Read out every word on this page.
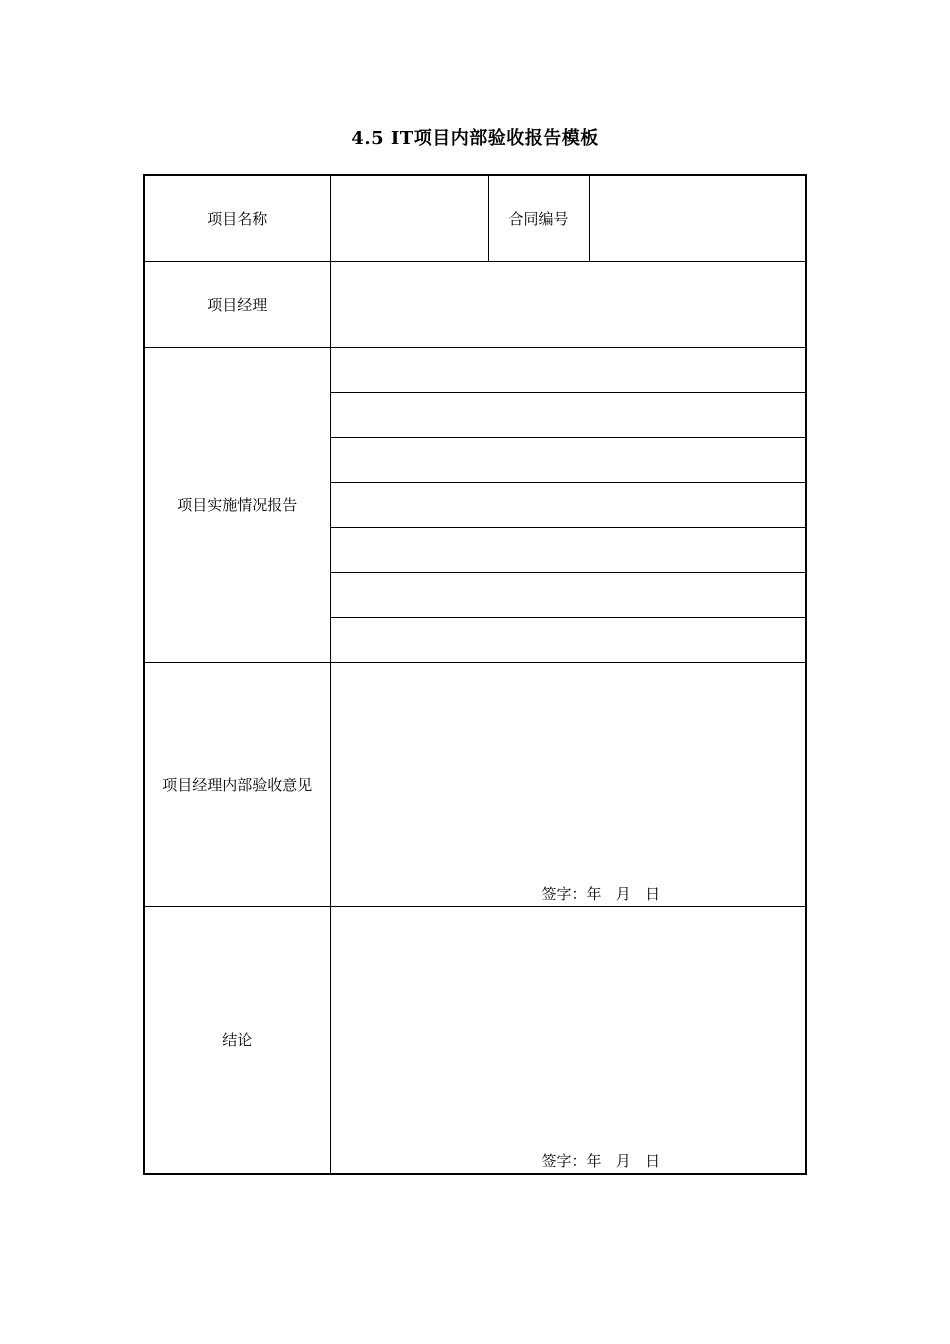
4.5 IT项目内部验收报告模板
项目名称		合同编号	
项目经理			
项目实施情况报告			

项目经理内部验收意见	签字：年   月   日		

结论	签字：年   月   日		
